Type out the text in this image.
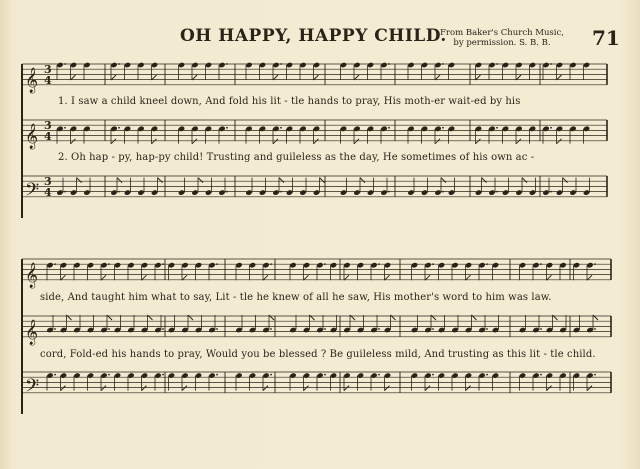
𝄞 3
4
𝄞 3
4
𝄢 3
4
𝄞
𝄞
𝄢
OH HAPPY, HAPPY CHILD.
From Baker's Church Music,
by permission. S. B. B.	71
1. I saw a child kneel down, And fold his lit - tle hands to pray, His moth-er wait-ed by his
2. Oh hap - py, hap-py child! Trusting and guileless as the day, He sometimes of his own ac -
side, And taught him what to say, Lit - tle he knew of all he saw, His mother's word to him was law.
cord, Fold-ed his hands to pray, Would you be blessed ? Be guileless mild, And trusting as this lit - tle child.
